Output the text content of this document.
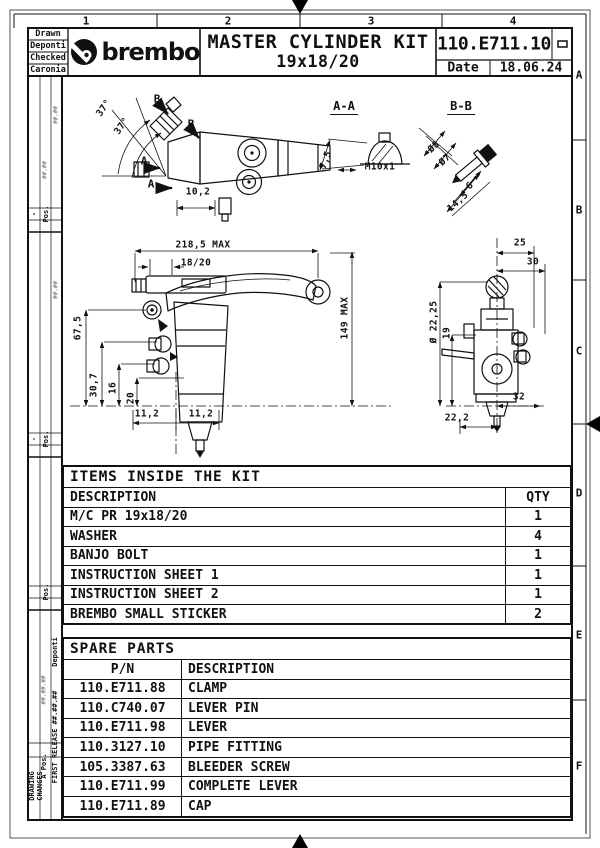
1	2	3	4
A
B
C
D
E
F
Drawn
Deponti
Checked
Caronia
brembo MASTER CYLINDER KIT
19x18/20
110.E711.10
Date 18.06.24
##.##
##.##
Pos.
-
##.##
Pos.
-
Pos.
Deponti
##.##.##
FIRST RELEASE ##.##.##
A Pos.
DRAWING CHANGES
37°
37°
B
B
A
A
10,2
A-A
7,5	M10x1
B-B
Ø8
Ø7
6
14,5
218,5 MAX
18/20
149 MAX
67,5
30,7 16
20
11,2	11,2
25
30
Ø 22,25 19
32
22,2
ITEMS INSIDE THE KIT
DESCRIPTION	QTY
M/C PR 19x18/20	1
WASHER	4
BANJO BOLT	1
INSTRUCTION SHEET 1	1
INSTRUCTION SHEET 2	1
BREMBO SMALL STICKER	2
SPARE PARTS
P/N	DESCRIPTION
110.E711.88	CLAMP
110.C740.07	LEVER PIN
110.E711.98	LEVER
110.3127.10	PIPE FITTING
105.3387.63	BLEEDER SCREW
110.E711.99	COMPLETE LEVER
110.E711.89	CAP
